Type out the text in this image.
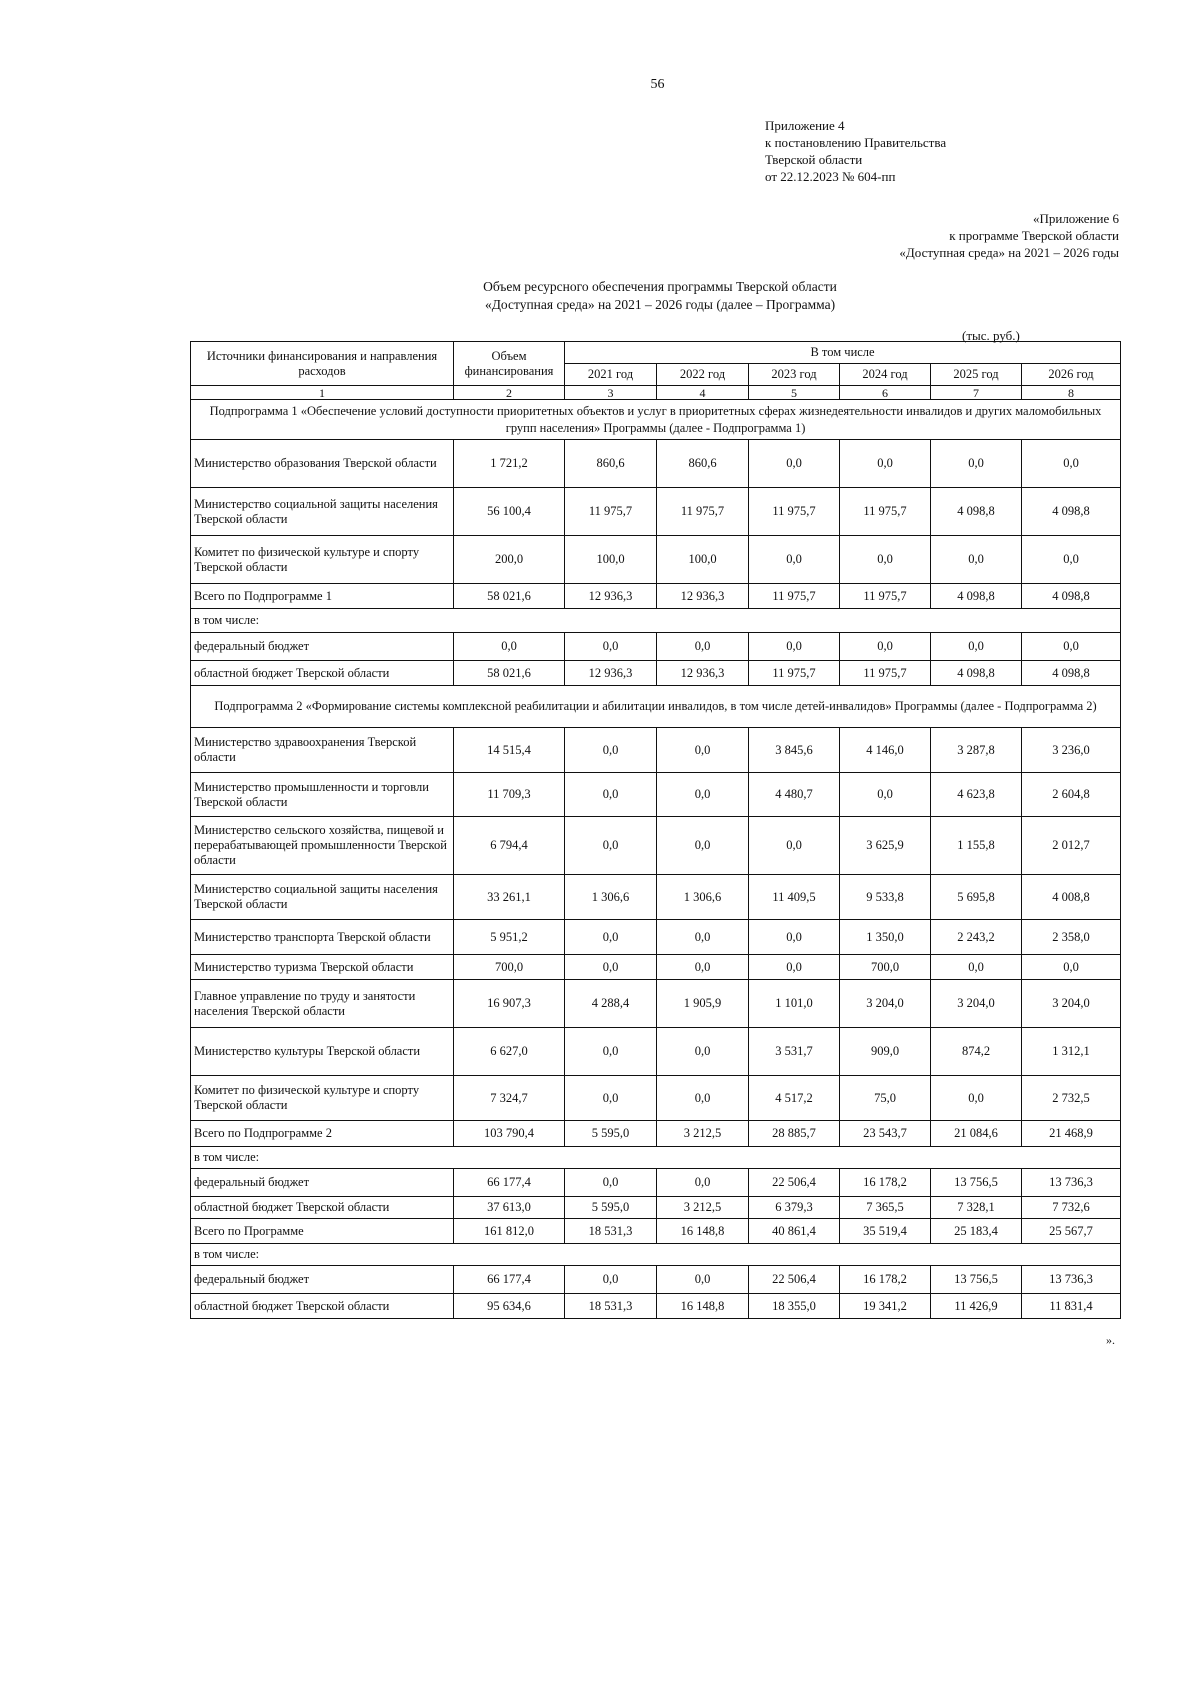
56
Приложение 4
к постановлению Правительства
Тверской области
от 22.12.2023 № 604-пп
«Приложение 6
к программе Тверской области
«Доступная среда» на 2021 – 2026 годы
Объем ресурсного обеспечения программы Тверской области
«Доступная среда» на 2021 – 2026 годы (далее – Программа)
(тыс. руб.)
Источники финансирования и направления расходов	Объем финансирования	В том числе					
		2021 год	2022 год	2023 год	2024 год	2025 год	2026 год
1	2	3	4	5	6	7	8
Подпрограмма 1 «Обеспечение условий доступности приоритетных объектов и услуг в приоритетных сферах жизнедеятельности инвалидов и других маломобильных групп населения» Программы (далее - Подпрограмма 1)							
Министерство образования Тверской области	1 721,2	860,6	860,6	0,0	0,0	0,0	0,0
Министерство социальной защиты населения Тверской области	56 100,4	11 975,7	11 975,7	11 975,7	11 975,7	4 098,8	4 098,8
Комитет по физической культуре и спорту Тверской области	200,0	100,0	100,0	0,0	0,0	0,0	0,0
Всего по Подпрограмме 1	58 021,6	12 936,3	12 936,3	11 975,7	11 975,7	4 098,8	4 098,8
в том числе:							
федеральный бюджет	0,0	0,0	0,0	0,0	0,0	0,0	0,0
областной бюджет Тверской области	58 021,6	12 936,3	12 936,3	11 975,7	11 975,7	4 098,8	4 098,8
Подпрограмма 2 «Формирование системы комплексной реабилитации и абилитации инвалидов, в том числе детей-инвалидов» Программы (далее - Подпрограмма 2)							
Министерство здравоохранения Тверской области	14 515,4	0,0	0,0	3 845,6	4 146,0	3 287,8	3 236,0
Министерство промышленности и торговли Тверской области	11 709,3	0,0	0,0	4 480,7	0,0	4 623,8	2 604,8
Министерство сельского хозяйства, пищевой и перерабатывающей промышленности Тверской области	6 794,4	0,0	0,0	0,0	3 625,9	1 155,8	2 012,7
Министерство социальной защиты населения Тверской области	33 261,1	1 306,6	1 306,6	11 409,5	9 533,8	5 695,8	4 008,8
Министерство транспорта Тверской области	5 951,2	0,0	0,0	0,0	1 350,0	2 243,2	2 358,0
Министерство туризма Тверской области	700,0	0,0	0,0	0,0	700,0	0,0	0,0
Главное управление по труду и занятости населения Тверской области	16 907,3	4 288,4	1 905,9	1 101,0	3 204,0	3 204,0	3 204,0
Министерство культуры Тверской области	6 627,0	0,0	0,0	3 531,7	909,0	874,2	1 312,1
Комитет по физической культуре и спорту Тверской области	7 324,7	0,0	0,0	4 517,2	75,0	0,0	2 732,5
Всего по Подпрограмме 2	103 790,4	5 595,0	3 212,5	28 885,7	23 543,7	21 084,6	21 468,9
в том числе:							
федеральный бюджет	66 177,4	0,0	0,0	22 506,4	16 178,2	13 756,5	13 736,3
областной бюджет Тверской области	37 613,0	5 595,0	3 212,5	6 379,3	7 365,5	7 328,1	7 732,6
Всего по Программе	161 812,0	18 531,3	16 148,8	40 861,4	35 519,4	25 183,4	25 567,7
в том числе:							
федеральный бюджет	66 177,4	0,0	0,0	22 506,4	16 178,2	13 756,5	13 736,3
областной бюджет Тверской области	95 634,6	18 531,3	16 148,8	18 355,0	19 341,2	11 426,9	11 831,4
».
